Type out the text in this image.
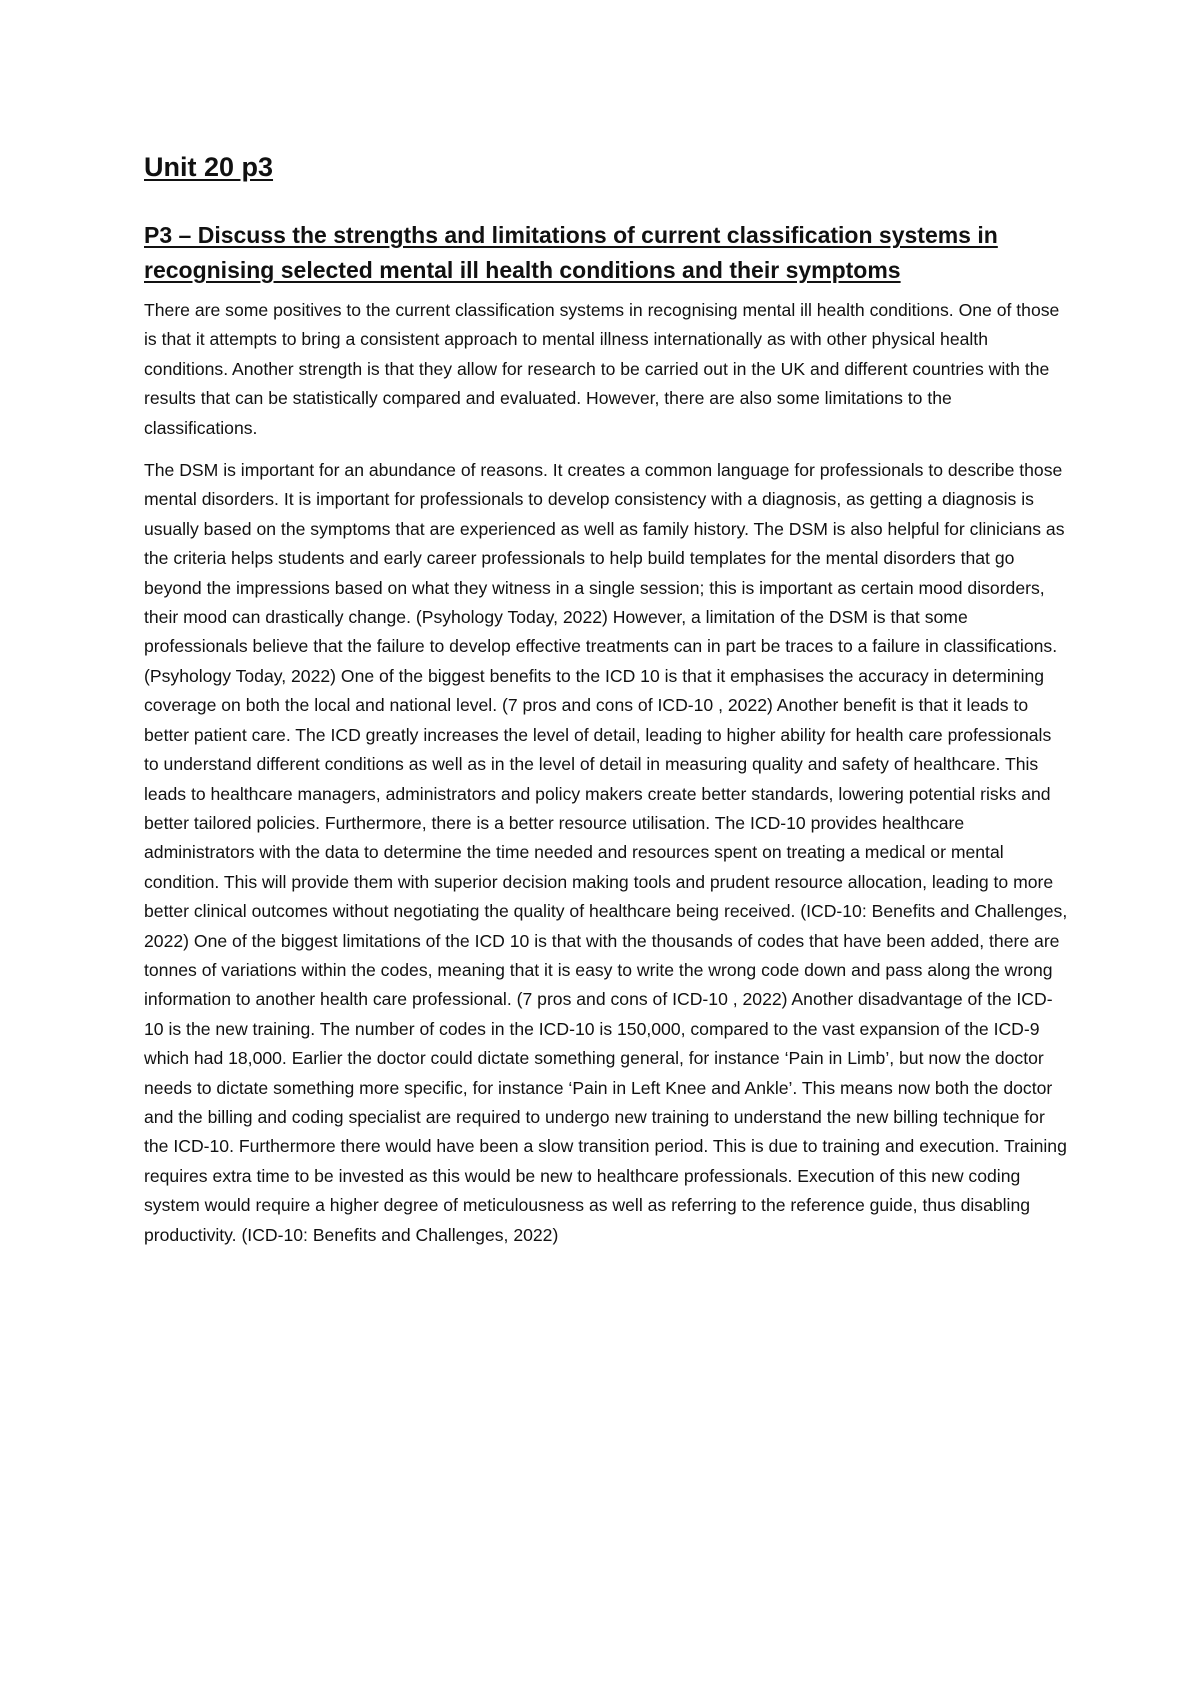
Unit 20 p3
P3 – Discuss the strengths and limitations of current classification systems in recognising selected mental ill health conditions and their symptoms

There are some positives to the current classification systems in recognising mental ill health conditions. One of those is that it attempts to bring a consistent approach to mental illness internationally as with other physical health conditions. Another strength is that they allow for research to be carried out in the UK and different countries with the results that can be statistically compared and evaluated. However, there are also some limitations to the classifications.

The DSM is important for an abundance of reasons. It creates a common language for professionals to describe those mental disorders. It is important for professionals to develop consistency with a diagnosis, as getting a diagnosis is usually based on the symptoms that are experienced as well as family history. The DSM is also helpful for clinicians as the criteria helps students and early career professionals to help build templates for the mental disorders that go beyond the impressions based on what they witness in a single session; this is important as certain mood disorders, their mood can drastically change. (Psyhology Today, 2022) However, a limitation of the DSM is that some professionals believe that the failure to develop effective treatments can in part be traces to a failure in classifications. (Psyhology Today, 2022) One of the biggest benefits to the ICD 10 is that it emphasises the accuracy in determining coverage on both the local and national level. (7 pros and cons of ICD-10 , 2022) Another benefit is that it leads to better patient care. The ICD greatly increases the level of detail, leading to higher ability for health care professionals to understand different conditions as well as in the level of detail in measuring quality and safety of healthcare. This leads to healthcare managers, administrators and policy makers create better standards, lowering potential risks and better tailored policies. Furthermore, there is a better resource utilisation. The ICD-10 provides healthcare administrators with the data to determine the time needed and resources spent on treating a medical or mental condition. This will provide them with superior decision making tools and prudent resource allocation, leading to more better clinical outcomes without negotiating the quality of healthcare being received. (ICD-10: Benefits and Challenges, 2022) One of the biggest limitations of the ICD 10 is that with the thousands of codes that have been added, there are tonnes of variations within the codes, meaning that it is easy to write the wrong code down and pass along the wrong information to another health care professional. (7 pros and cons of ICD-10 , 2022) Another disadvantage of the ICD-10 is the new training. The number of codes in the ICD-10 is 150,000, compared to the vast expansion of the ICD-9 which had 18,000. Earlier the doctor could dictate something general, for instance ‘Pain in Limb’, but now the doctor needs to dictate something more specific, for instance ‘Pain in Left Knee and Ankle’. This means now both the doctor and the billing and coding specialist are required to undergo new training to understand the new billing technique for the ICD-10. Furthermore there would have been a slow transition period. This is due to training and execution. Training requires extra time to be invested as this would be new to healthcare professionals. Execution of this new coding system would require a higher degree of meticulousness as well as referring to the reference guide, thus disabling productivity. (ICD-10: Benefits and Challenges, 2022)
